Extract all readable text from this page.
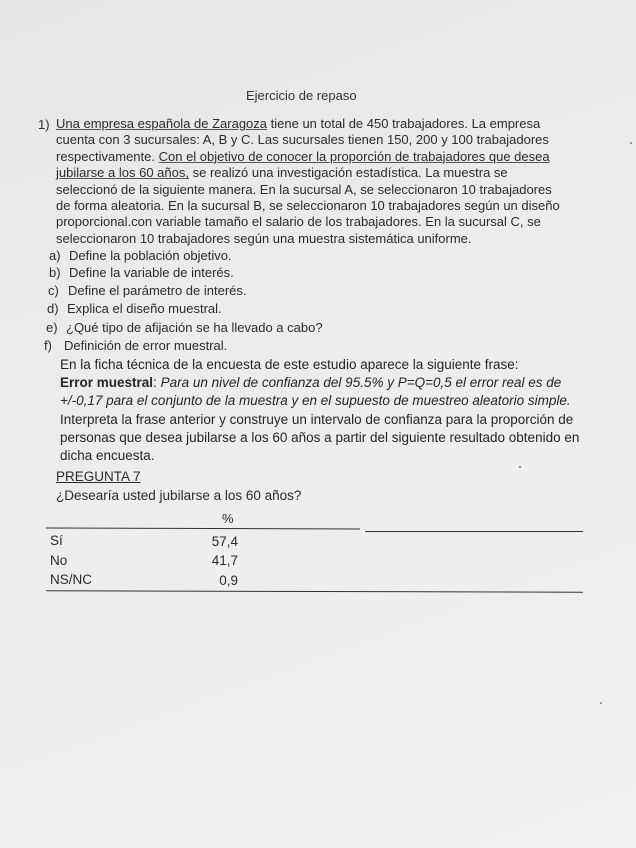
Ejercicio de repaso
1) Una empresa española de Zaragoza tiene un total de 450 trabajadores. La empresa cuenta con 3 sucursales: A, B y C. Las sucursales tienen 150, 200 y 100 trabajadores respectivamente. Con el objetivo de conocer la proporción de trabajadores que desea jubilarse a los 60 años, se realizó una investigación estadística. La muestra se seleccionó de la siguiente manera. En la sucursal A, se seleccionaron 10 trabajadores de forma aleatoria. En la sucursal B, se seleccionaron 10 trabajadores según un diseño proporcional.con variable tamaño el salario de los trabajadores. En la sucursal C, se seleccionaron 10 trabajadores según una muestra sistemática uniforme.
a) Define la población objetivo.
b) Define la variable de interés.
c) Define el parámetro de interés.
d) Explica el diseño muestral.
e) ¿Qué tipo de afijación se ha llevado a cabo?
f) Definición de error muestral.
En la ficha técnica de la encuesta de este estudio aparece la siguiente frase:
Error muestral: Para un nivel de confianza del 95.5% y P=Q=0,5 el error real es de +/-0,17 para el conjunto de la muestra y en el supuesto de muestreo aleatorio simple.
Interpreta la frase anterior y construye un intervalo de confianza para la proporción de personas que desea jubilarse a los 60 años a partir del siguiente resultado obtenido en dicha encuesta.
PREGUNTA 7
¿Desearía usted jubilarse a los 60 años?
%
Sí	57,4
No	41,7
NS/NC	0,9
